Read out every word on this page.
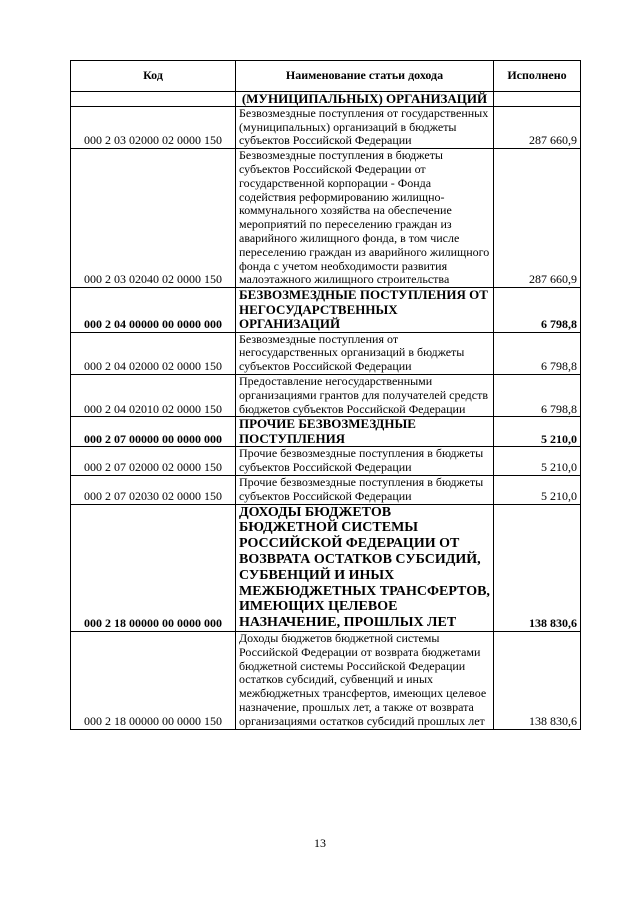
Код	Наименование статьи дохода	Исполнено
	(МУНИЦИПАЛЬНЫХ) ОРГАНИЗАЦИЙ	
000 2 03 02000 02 0000 150	Безвозмездные поступления от государственных (муниципальных) организаций в бюджеты субъектов Российской Федерации	287 660,9
000 2 03 02040 02 0000 150	Безвозмездные поступления в бюджеты субъектов Российской Федерации от государственной корпорации - Фонда содействия реформированию жилищно-коммунального хозяйства на обеспечение мероприятий по переселению граждан из аварийного жилищного фонда, в том числе переселению граждан из аварийного жилищного фонда с учетом необходимости развития малоэтажного жилищного строительства	287 660,9
000 2 04 00000 00 0000 000	БЕЗВОЗМЕЗДНЫЕ ПОСТУПЛЕНИЯ ОТ НЕГОСУДАРСТВЕННЫХ ОРГАНИЗАЦИЙ	6 798,8
000 2 04 02000 02 0000 150	Безвозмездные поступления от негосударственных организаций в бюджеты субъектов Российской Федерации	6 798,8
000 2 04 02010 02 0000 150	Предоставление негосударственными организациями грантов для получателей средств бюджетов субъектов Российской Федерации	6 798,8
000 2 07 00000 00 0000 000	ПРОЧИЕ БЕЗВОЗМЕЗДНЫЕ ПОСТУПЛЕНИЯ	5 210,0
000 2 07 02000 02 0000 150	Прочие безвозмездные поступления в бюджеты субъектов Российской Федерации	5 210,0
000 2 07 02030 02 0000 150	Прочие безвозмездные поступления в бюджеты субъектов Российской Федерации	5 210,0
000 2 18 00000 00 0000 000	ДОХОДЫ БЮДЖЕТОВ БЮДЖЕТНОЙ СИСТЕМЫ РОССИЙСКОЙ ФЕДЕРАЦИИ ОТ ВОЗВРАТА ОСТАТКОВ СУБСИДИЙ, СУБВЕНЦИЙ И ИНЫХ МЕЖБЮДЖЕТНЫХ ТРАНСФЕРТОВ, ИМЕЮЩИХ ЦЕЛЕВОЕ НАЗНАЧЕНИЕ, ПРОШЛЫХ ЛЕТ	138 830,6
000 2 18 00000 00 0000 150	Доходы бюджетов бюджетной системы Российской Федерации от возврата бюджетами бюджетной системы Российской Федерации остатков субсидий, субвенций и иных межбюджетных трансфертов, имеющих целевое назначение, прошлых лет, а также от возврата организациями остатков субсидий прошлых лет	138 830,6
13
